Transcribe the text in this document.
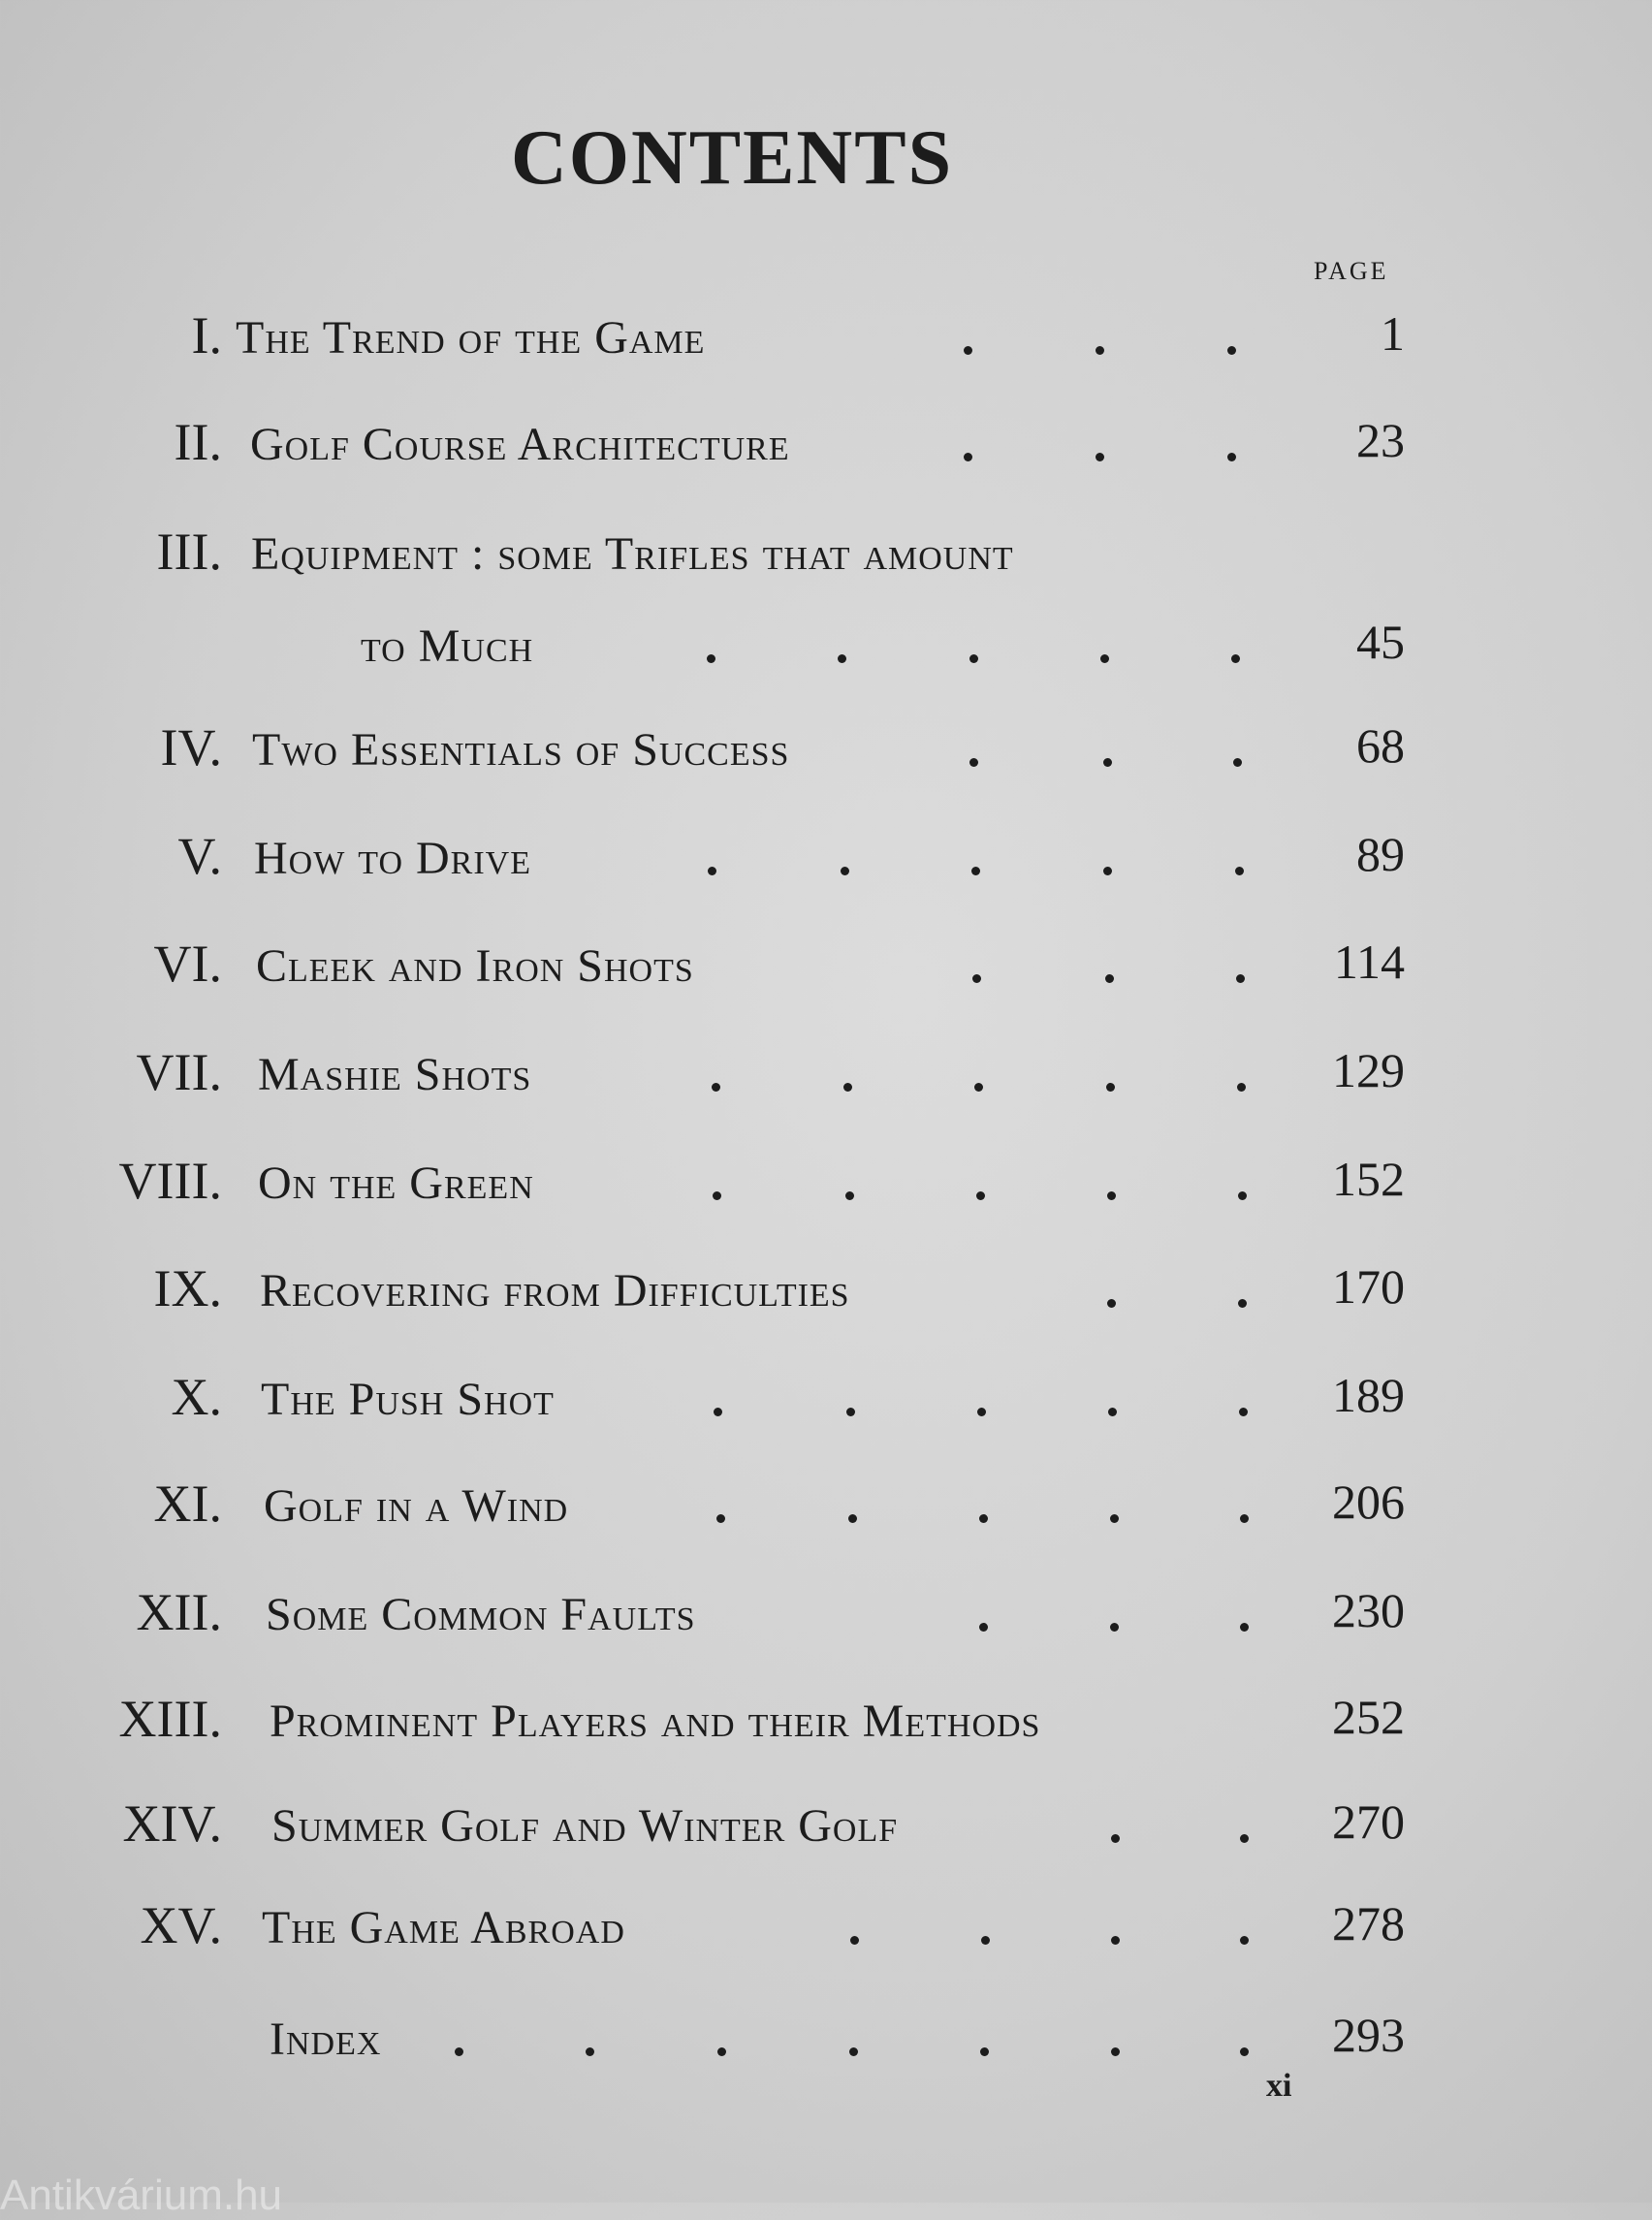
CONTENTS
PAGE
I. The Trend of the Game	1
II. Golf Course Architecture	23
III. Equipment : some Trifles that amount
to Much	45
IV. Two Essentials of Success	68
V. How to Drive	89
VI. Cleek and Iron Shots	114
VII. Mashie Shots	129
VIII. On the Green	152
IX. Recovering from Difficulties	170
X. The Push Shot	189
XI. Golf in a Wind	206
XII. Some Common Faults	230
XIII. Prominent Players and their Methods	252
XIV. Summer Golf and Winter Golf	270
XV. The Game Abroad	278
Index	293
xi
Antikvárium.hu
